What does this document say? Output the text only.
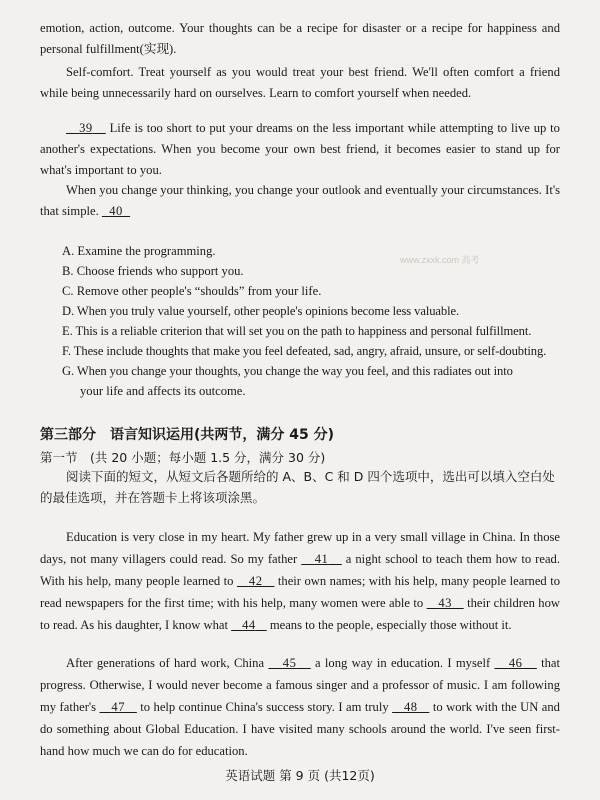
emotion, action, outcome. Your thoughts can be a recipe for disaster or a recipe for happiness and personal fulfillment(实现).

Self-comfort. Treat yourself as you would treat your best friend. We'll often comfort a friend while being unnecessarily hard on ourselves. Learn to comfort yourself when needed.

39 Life is too short to put your dreams on the less important while attempting to live up to another's expectations. When you become your own best friend, it becomes easier to stand up for what's important to you.

When you change your thinking, you change your outlook and eventually your circumstances. It's that simple. 40

www.zxxk.com 高考

A. Examine the programming.

B. Choose friends who support you.

C. Remove other people's “shoulds” from your life.

D. When you truly value yourself, other people's opinions become less valuable.

E. This is a reliable criterion that will set you on the path to happiness and personal fulfillment.

F. These include thoughts that make you feel defeated, sad, angry, afraid, unsure, or self-doubting.

G. When you change your thoughts, you change the way you feel, and this radiates out into

your life and affects its outcome.

第三部分　语言知识运用(共两节，满分 45 分)

第一节　(共 20 小题；每小题 1.5 分，满分 30 分)

阅读下面的短文，从短文后各题所给的 A、B、C 和 D 四个选项中，选出可以填入空白处的最佳选项，并在答题卡上将该项涂黑。

Education is very close in my heart. My father grew up in a very small village in China. In those days, not many villagers could read. So my father 41 a night school to teach them how to read. With his help, many people learned to 42 their own names; with his help, many people learned to read newspapers for the first time; with his help, many women were able to 43 their children how to read. As his daughter, I know what 44 means to the people, especially those without it.

After generations of hard work, China 45 a long way in education. I myself 46 that progress. Otherwise, I would never become a famous singer and a professor of music. I am following my father's 47 to help continue China's success story. I am truly 48 to work with the UN and do something about Global Education. I have visited many schools around the world. I've seen first-hand how much we can do for education.

英语试题 第 9 页 (共12页)
